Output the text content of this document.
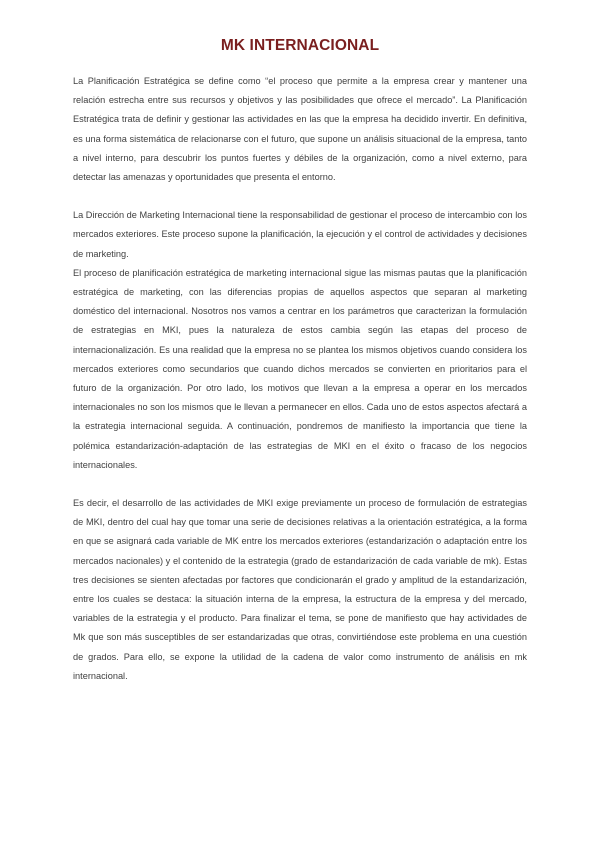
MK INTERNACIONAL

La Planificación Estratégica se define como “el proceso que permite a la empresa crear y mantener una relación estrecha entre sus recursos y objetivos y las posibilidades que ofrece el mercado”. La Planificación Estratégica trata de definir y gestionar las actividades en las que la empresa ha decidido invertir. En definitiva, es una forma sistemática de relacionarse con el futuro, que supone un análisis situacional de la empresa, tanto a nivel interno, para descubrir los puntos fuertes y débiles de la organización, como a nivel externo, para detectar las amenazas y oportunidades que presenta el entorno.

La Dirección de Marketing Internacional tiene la responsabilidad de gestionar el proceso de intercambio con los mercados exteriores. Este proceso supone la planificación, la ejecución y el control de actividades y decisiones de marketing.

El proceso de planificación estratégica de marketing internacional sigue las mismas pautas que la planificación estratégica de marketing, con las diferencias propias de aquellos aspectos que separan al marketing doméstico del internacional. Nosotros nos vamos a centrar en los parámetros que caracterizan la formulación de estrategias en MKI, pues la naturaleza de estos cambia según las etapas del proceso de internacionalización. Es una realidad que la empresa no se plantea los mismos objetivos cuando considera los mercados exteriores como secundarios que cuando dichos mercados se convierten en prioritarios para el futuro de la organización. Por otro lado, los motivos que llevan a la empresa a operar en los mercados internacionales no son los mismos que le llevan a permanecer en ellos. Cada uno de estos aspectos afectará a la estrategia internacional seguida. A continuación, pondremos de manifiesto la importancia que tiene la polémica estandarización-adaptación de las estrategias de MKI en el éxito o fracaso de los negocios internacionales.

Es decir, el desarrollo de las actividades de MKI exige previamente un proceso de formulación de estrategias de MKI, dentro del cual hay que tomar una serie de decisiones relativas a la orientación estratégica, a la forma en que se asignará cada variable de MK entre los mercados exteriores (estandarización o adaptación entre los mercados nacionales) y el contenido de la estrategia (grado de estandarización de cada variable de mk). Estas tres decisiones se sienten afectadas por factores que condicionarán el grado y amplitud de la estandarización, entre los cuales se destaca: la situación interna de la empresa, la estructura de la empresa y del mercado, variables de la estrategia y el producto. Para finalizar el tema, se pone de manifiesto que hay actividades de Mk que son más susceptibles de ser estandarizadas que otras, convirtiéndose este problema en una cuestión de grados. Para ello, se expone la utilidad de la cadena de valor como instrumento de análisis en mk internacional.
